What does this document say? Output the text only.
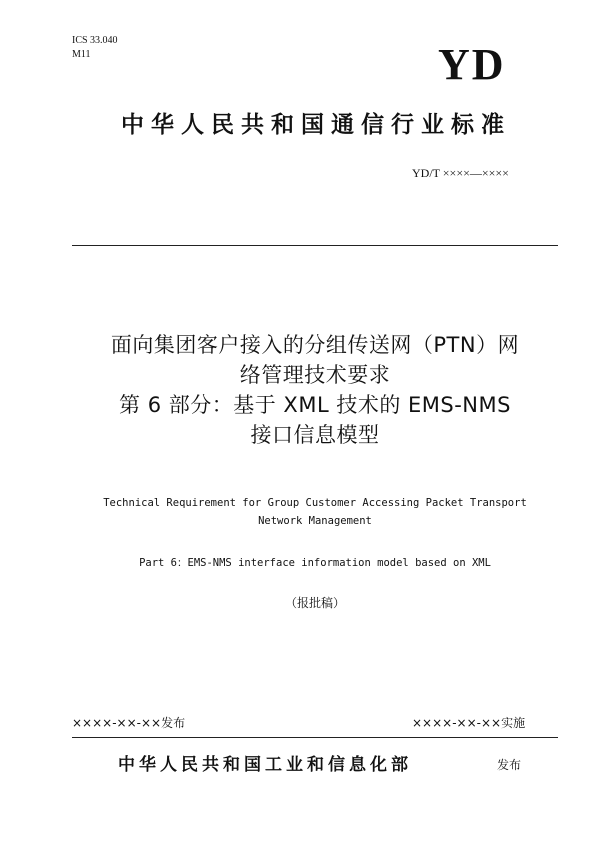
ICS 33.040
M11	YD
中华人民共和国通信行业标准
YD/T ××××—××××
面向集团客户接入的分组传送网（PTN）网
络管理技术要求
第 6 部分：基于 XML 技术的 EMS-NMS
接口信息模型
Technical Requirement for Group Customer Accessing Packet Transport
Network Management
Part 6：EMS-NMS interface information model based on XML
（报批稿）
××××-××-××发布	××××-××-××实施
中华人民共和国工业和信息化部	发布
